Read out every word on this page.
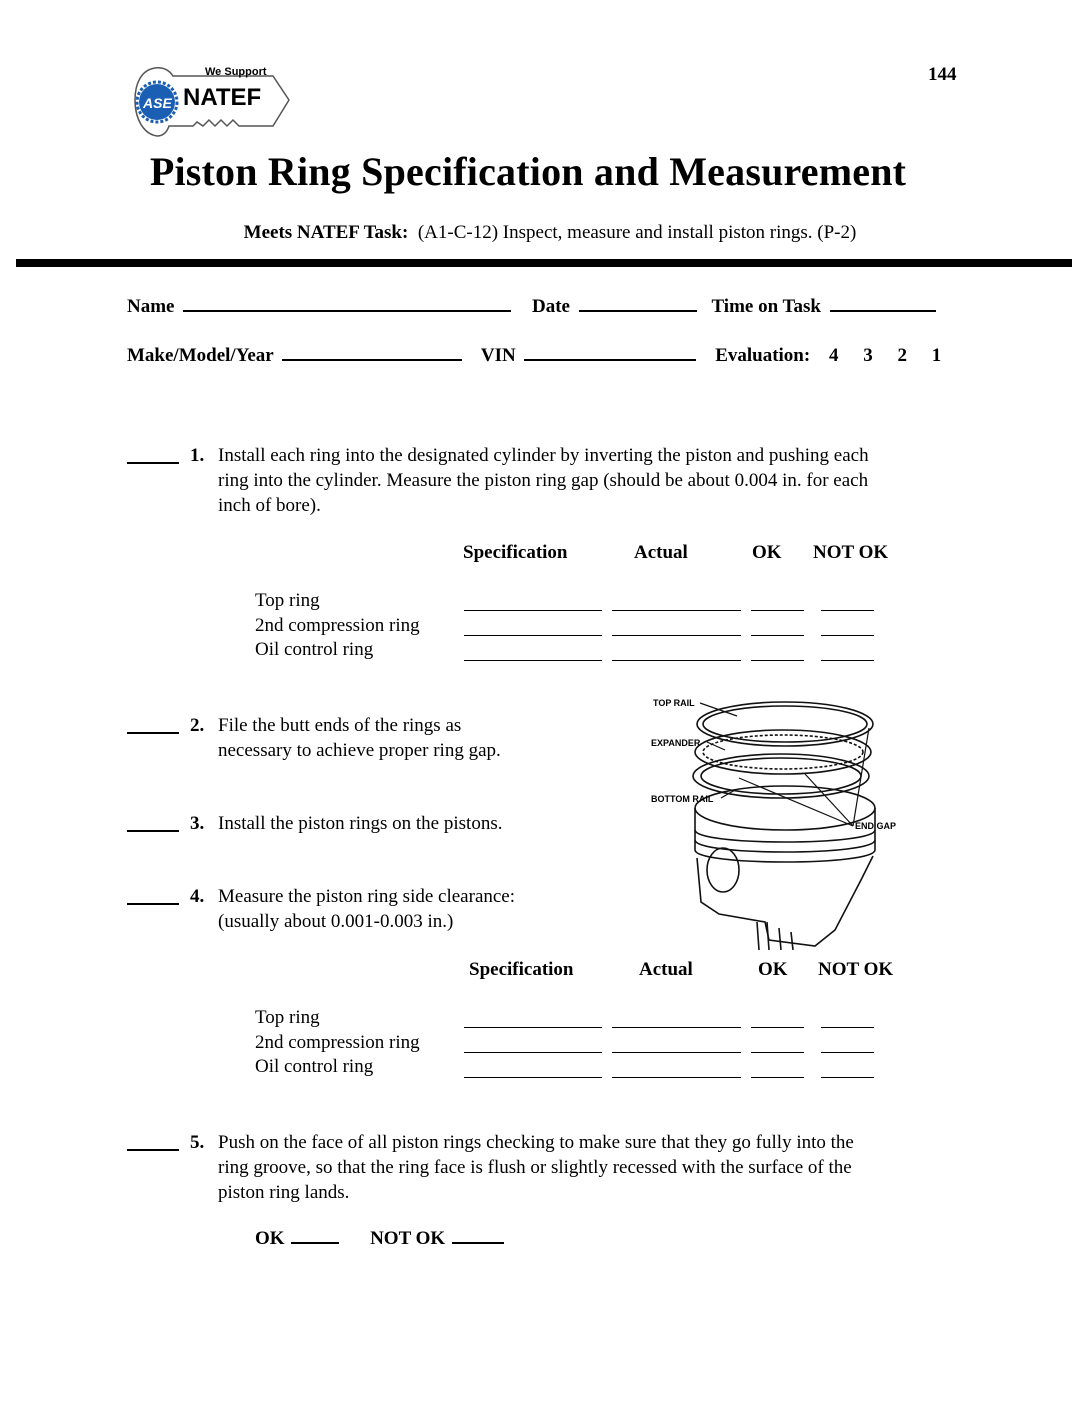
ASE
We Support
NATEF
144
Piston Ring Specification and Measurement
Meets NATEF Task: (A1-C-12) Inspect, measure and install piston rings. (P-2)
Name	Date	Time on Task
Make/Model/Year	VIN	Evaluation: 4 3 2 1
1. Install each ring into the designated cylinder by inverting the piston and pushing each
ring into the cylinder. Measure the piston ring gap (should be about 0.004 in. for each
inch of bore).
Specification	Actual	OK NOT OK
Top ring
2nd compression ring
Oil control ring
2. File the butt ends of the rings as
necessary to achieve proper ring gap.
3. Install the piston rings on the pistons.
4. Measure the piston ring side clearance:
(usually about 0.001-0.003 in.)
TOP RAIL
EXPANDER
BOTTOM RAIL
END GAP
Specification	Actual	OK NOT OK
Top ring
2nd compression ring
Oil control ring
5. Push on the face of all piston rings checking to make sure that they go fully into the
ring groove, so that the ring face is flush or slightly recessed with the surface of the
piston ring lands.
OK	NOT OK
